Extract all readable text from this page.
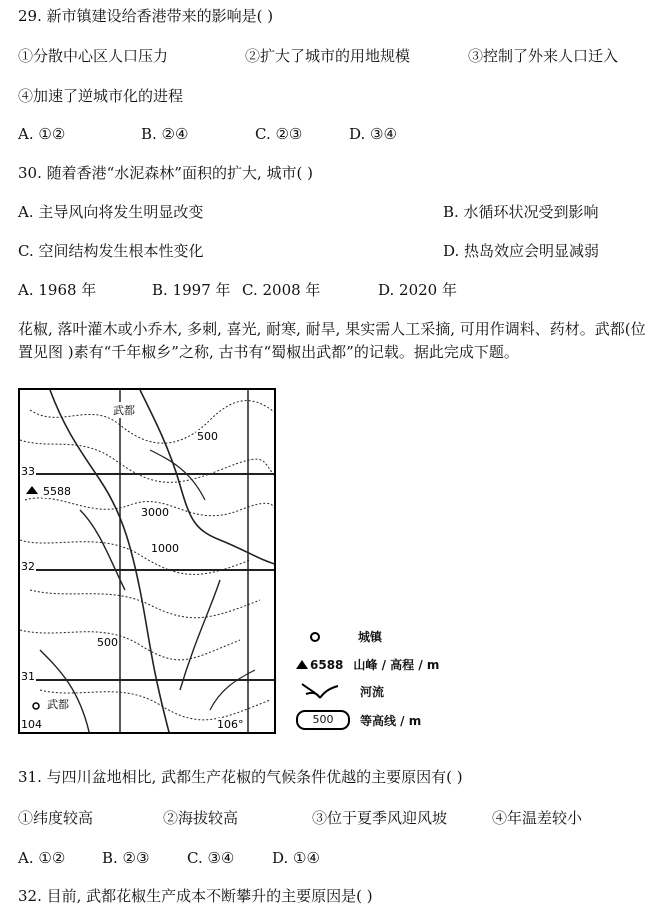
29. 新市镇建设给香港带来的影响是( )
①分散中心区人口压力	②扩大了城市的用地规模	③控制了外来人口迁入
④加速了逆城市化的进程
A. ①②	B. ②④	C. ②③	D. ③④
30. 随着香港“水泥森林”面积的扩大, 城市( )
A. 主导风向将发生明显改变	B. 水循环状况受到影响
C. 空间结构发生根本性变化	D. 热岛效应会明显减弱
A. 1968 年	B. 1997 年 C. 2008 年	D. 2020 年
花椒, 落叶灌木或小乔木, 多刺, 喜光, 耐寒, 耐旱, 果实需人工采摘, 可用作调料、药材。武都(位
置见图 )素有“千年椒乡”之称, 古书有“蜀椒出武都”的记载。据此完成下题。
武都
5588
33
32
31
104	106°
500
3000
1000
500
武都
城镇
6588 山峰 / 高程 / m
河流
500	等高线 / m
31. 与四川盆地相比, 武都生产花椒的气候条件优越的主要原因有( )
①纬度较高	②海拔较高	③位于夏季风迎风坡	④年温差较小
A. ①② B. ②③	C. ③④	D. ①④
32. 目前, 武都花椒生产成本不断攀升的主要原因是( )
